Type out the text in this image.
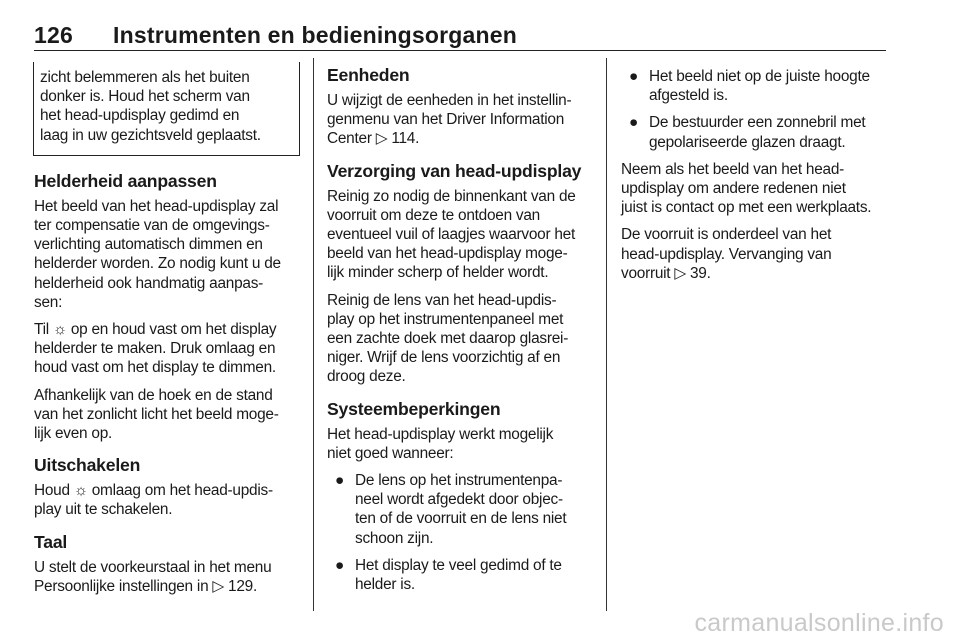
126 Instrumenten en bedieningsorganen

zicht belemmeren als het buiten
donker is. Houd het scherm van
het head-updisplay gedimd en
laag in uw gezichtsveld geplaatst.

Helderheid aanpassen

Het beeld van het head-updisplay zal
ter compensatie van de omgevings-
verlichting automatisch dimmen en
helderder worden. Zo nodig kunt u de
helderheid ook handmatig aanpas-
sen:

Til ☼ op en houd vast om het display
helderder te maken. Druk omlaag en
houd vast om het display te dimmen.

Afhankelijk van de hoek en de stand
van het zonlicht licht het beeld moge-
lijk even op.

Uitschakelen

Houd ☼ omlaag om het head-updis-
play uit te schakelen.

Taal

U stelt de voorkeurstaal in het menu
Persoonlijke instellingen in ▷ 129.

Eenheden

U wijzigt de eenheden in het instellin-
genmenu van het Driver Information
Center ▷ 114.

Verzorging van head-updisplay

Reinig zo nodig de binnenkant van de
voorruit om deze te ontdoen van
eventueel vuil of laagjes waarvoor het
beeld van het head-updisplay moge-
lijk minder scherp of helder wordt.

Reinig de lens van het head-updis-
play op het instrumentenpaneel met
een zachte doek met daarop glasrei-
niger. Wrijf de lens voorzichtig af en
droog deze.

Systeembeperkingen

Het head-updisplay werkt mogelijk
niet goed wanneer:

● De lens op het instrumentenpa-
neel wordt afgedekt door objec-
ten of de voorruit en de lens niet
schoon zijn.

● Het display te veel gedimd of te
helder is.

● Het beeld niet op de juiste hoogte
afgesteld is.

● De bestuurder een zonnebril met
gepolariseerde glazen draagt.

Neem als het beeld van het head-
updisplay om andere redenen niet
juist is contact op met een werkplaats.

De voorruit is onderdeel van het
head-updisplay. Vervanging van
voorruit ▷ 39.

carmanualsonline.info
